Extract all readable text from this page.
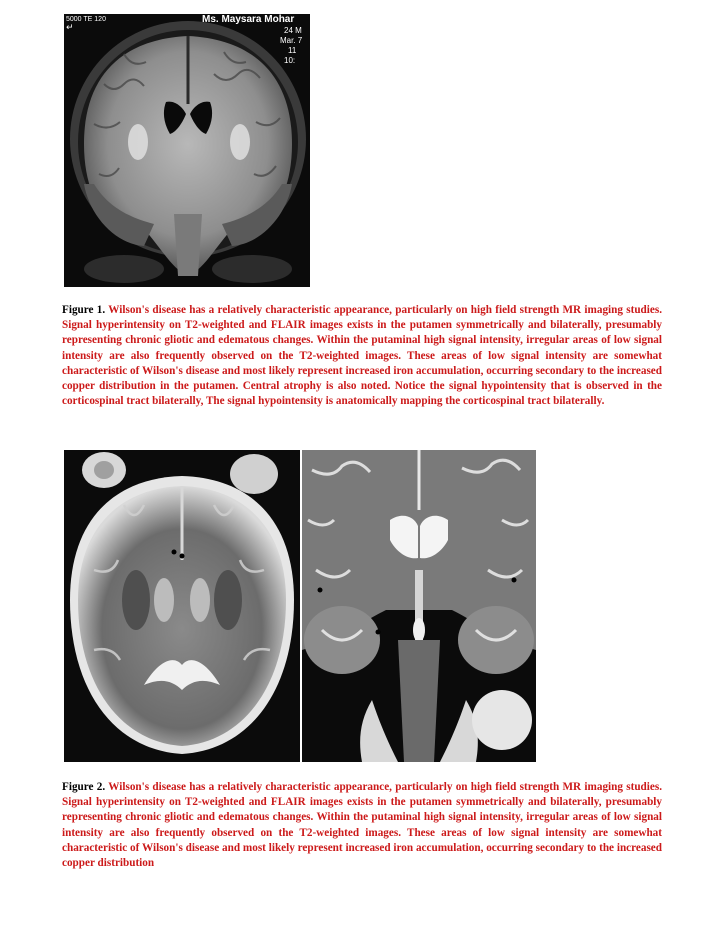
5000 TE 120
↵
Ms. Maysara Mohar
24 M
Mar. 7
11
10:

Figure 1. Wilson's disease has a relatively characteristic appearance, particularly on high field strength MR imaging studies. Signal hyperintensity on T2-weighted and FLAIR images exists in the putamen symmetrically and bilaterally, presumably representing chronic gliotic and edematous changes. Within the putaminal high signal intensity, irregular areas of low signal intensity are also frequently observed on the T2-weighted images. These areas of low signal intensity are somewhat characteristic of Wilson's disease and most likely represent increased iron accumulation, occurring secondary to the increased copper distribution in the putamen. Central atrophy is also noted. Notice the signal hypointensity that is observed in the corticospinal tract bilaterally, The signal hypointensity is anatomically mapping the corticospinal tract bilaterally.

Figure 2. Wilson's disease has a relatively characteristic appearance, particularly on high field strength MR imaging studies. Signal hyperintensity on T2-weighted and FLAIR images exists in the putamen symmetrically and bilaterally, presumably representing chronic gliotic and edematous changes. Within the putaminal high signal intensity, irregular areas of low signal intensity are also frequently observed on the T2-weighted images. These areas of low signal intensity are somewhat characteristic of Wilson's disease and most likely represent increased iron accumulation, occurring secondary to the increased copper distribution
